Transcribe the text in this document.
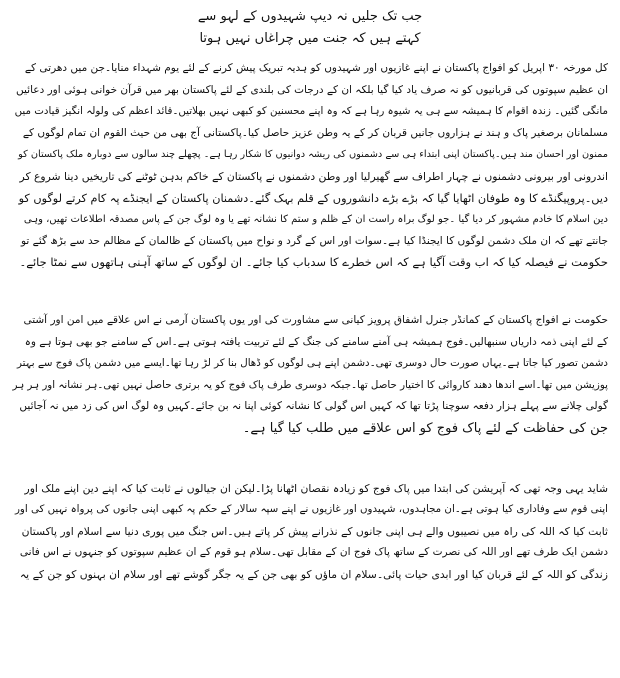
جب تک جلیں نہ دیپ شہیدوں کے لہو سے
کہتے ہیں کہ جنت میں چراغاں نہیں ہوتا
کل مورخہ ۳۰ اپریل کو افواج پاکستان نے اپنے غازیوں اور شہیدوں کو ہدیہ تبریک پیش کرنے کے لئے یوم شہداء منایا۔جن میں دھرتی کے
ان عظیم سپوتوں کی قربانیوں کو نہ صرف یاد کیا گیا بلکہ ان کے درجات کی بلندی کے لئے پاکستان بھر میں قرآن خوانی ہوئی اور دعائیں
مانگی گئیں۔ زندہ اقوام کا ہمیشہ سے ہی یہ شیوہ رہا ہے کہ وہ اپنے محسنین کو کبھی نہیں بھلاتیں۔قائد اعظم کی ولولہ انگیز قیادت میں
مسلمانان برصغیر پاک و ہند نے ہزاروں جانیں قربان کر کے یہ وطن عزیز حاصل کیا۔پاکستانی آج بھی من حیث القوم ان تمام لوگوں کے
ممنون اور احسان مند ہیں۔پاکستان اپنی ابتداء ہی سے دشمنوں کی ریشہ دوانیوں کا شکار رہا ہے۔ پچھلے چند سالوں سے دوبارہ ملک پاکستان کو
اندرونی اور بیرونی دشمنوں نے چہار اطراف سے گھیرلیا اور وطن دشمنوں نے پاکستان کے خاکم بدہن ٹوٹنے کی تاریخیں دینا شروع کر
دیں۔پروپیگنڈے کا وہ طوفان اٹھایا گیا کہ بڑے بڑے دانشوروں کے قلم بہک گئے۔دشمنان پاکستان کے ایجنڈے پہ کام کرتے لوگوں کو
دین اسلام کا خادم مشہور کر دیا گیا ۔جو لوگ براہ راست ان کے ظلم و ستم کا نشانہ تھے یا وہ لوگ جن کے پاس مصدقہ اطلاعات تھیں، وہی
جانتے تھے کہ ان ملک دشمن لوگوں کا ایجنڈا کیا ہے۔سوات اور اس کے گرد و نواح میں پاکستان کے ظالمان کے مظالم حد سے بڑھ گئے تو
حکومت نے فیصلہ کیا کہ اب وقت آگیا ہے کہ اس خطرے کا سدباب کیا جائے۔ ان لوگوں کے ساتھ آہنی ہاتھوں سے نمٹا جائے۔
حکومت نے افواج پاکستان کے کمانڈر جنرل اشفاق پرویز کیانی سے مشاورت کی اور یوں پاکستان آرمی نے اس علاقے میں امن اور آشتی
کے لئے اپنی ذمہ داریاں سنبھالیں۔فوج ہمیشہ ہی آمنے سامنے کی جنگ کے لئے تربیت یافتہ ہوتی ہے۔اس کے سامنے جو بھی ہوتا ہے وہ
دشمن تصور کیا جاتا ہے۔یہاں صورت حال دوسری تھی۔دشمن اپنے ہی لوگوں کو ڈھال بنا کر لڑ رہا تھا۔ایسے میں دشمن پاک فوج سے بہتر
پوزیشن میں تھا۔اسے اندھا دھند کاروائی کا اختیار حاصل تھا۔جبکہ دوسری طرف پاک فوج کو یہ برتری حاصل نہیں تھی۔ہر نشانہ اور ہر ہر
گولی چلانے سے پہلے ہزار دفعہ سوچنا پڑتا تھا کہ کہیں اس گولی کا نشانہ کوئی اپنا نہ بن جائے۔کہیں وہ لوگ اس کی زد میں نہ آجائیں
جن کی حفاظت کے لئے پاک فوج کو اس علاقے میں طلب کیا گیا ہے۔
شاید یہی وجہ تھی کہ آپریشن کی ابتدا میں پاک فوج کو زیادہ نقصان اٹھانا پڑا۔لیکن ان جیالوں نے ثابت کیا کہ اپنے دین اپنے ملک اور
اپنی قوم سے وفاداری کیا ہوتی ہے۔ان مجاہدوں، شہیدوں اور غازیوں نے اپنے سپہ سالار کے حکم پہ کبھی اپنی جانوں کی پرواہ نہیں کی اور
ثابت کیا کہ اللہ کی راہ میں نصیبوں والے ہی اپنی جانوں کے نذرانے پیش کر پاتے ہیں۔اس جنگ میں پوری دنیا سے اسلام اور پاکستان
دشمن ایک طرف تھے اور اللہ کی نصرت کے ساتھ پاک فوج ان کے مقابل تھی۔سلام ہو قوم کے ان عظیم سپوتوں کو جنہوں نے اس فانی
زندگی کو اللہ کے لئے قربان کیا اور ابدی حیات پائی۔سلام ان ماؤں کو بھی جن کے یہ جگر گوشے تھے اور سلام ان بہنوں کو جن کے یہ
